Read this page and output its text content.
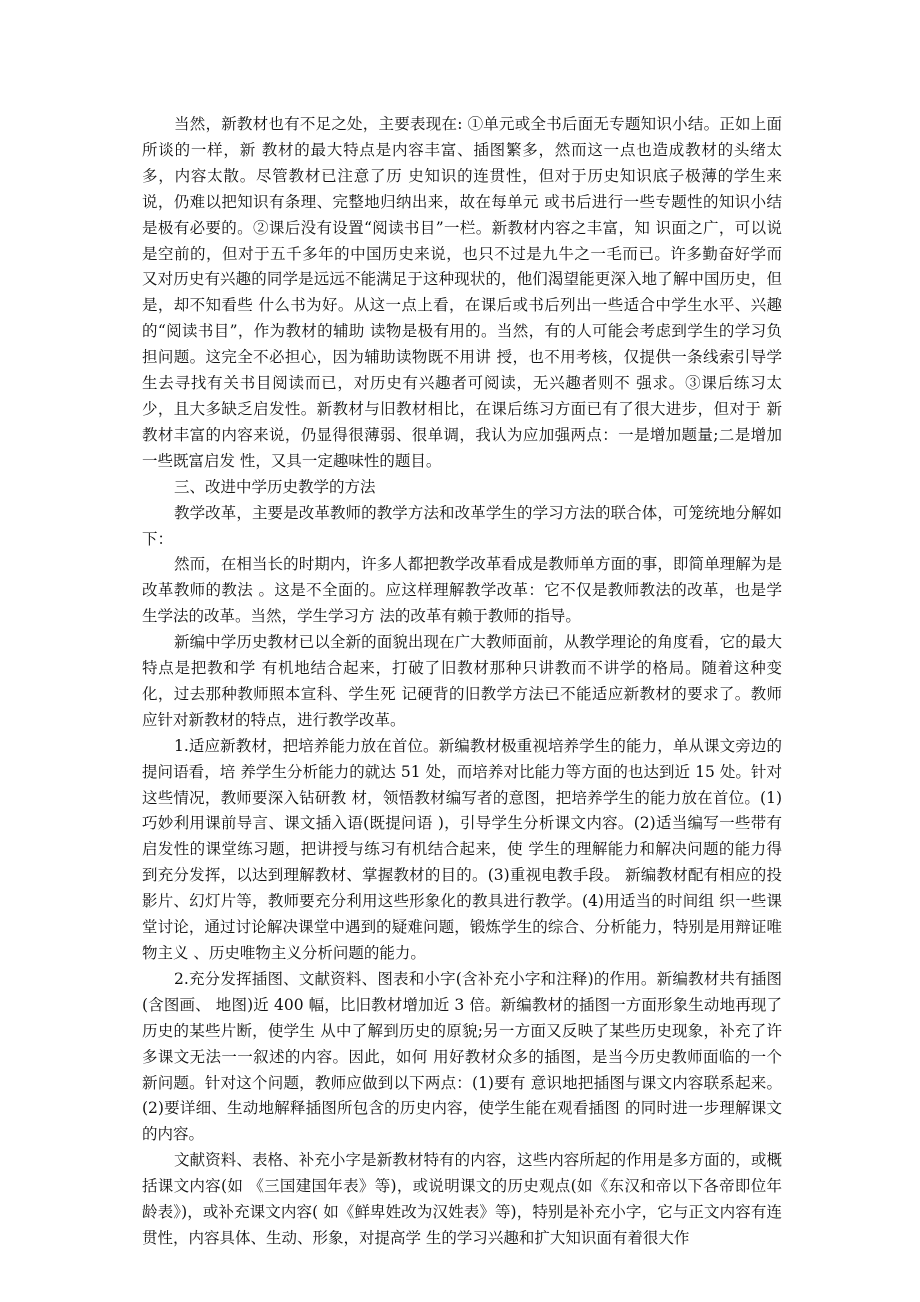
当然，新教材也有不足之处，主要表现在: ①单元或全书后面无专题知识小结。正如上面所谈的一样，新 教材的最大特点是内容丰富、插图繁多，然而这一点也造成教材的头绪太多，内容太散。尽管教材已注意了历 史知识的连贯性，但对于历史知识底子极薄的学生来说，仍难以把知识有条理、完整地归纳出来，故在每单元 或书后进行一些专题性的知识小结是极有必要的。②课后没有设置“阅读书目”一栏。新教材内容之丰富，知 识面之广，可以说是空前的，但对于五千多年的中国历史来说，也只不过是九牛之一毛而已。许多勤奋好学而 又对历史有兴趣的同学是远远不能满足于这种现状的，他们渴望能更深入地了解中国历史，但是，却不知看些 什么书为好。从这一点上看，在课后或书后列出一些适合中学生水平、兴趣的“阅读书目”，作为教材的辅助 读物是极有用的。当然，有的人可能会考虑到学生的学习负担问题。这完全不必担心，因为辅助读物既不用讲 授，也不用考核，仅提供一条线索引导学生去寻找有关书目阅读而已，对历史有兴趣者可阅读，无兴趣者则不 强求。③课后练习太少，且大多缺乏启发性。新教材与旧教材相比，在课后练习方面已有了很大进步，但对于 新教材丰富的内容来说，仍显得很薄弱、很单调，我认为应加强两点：一是增加题量;二是增加一些既富启发 性，又具一定趣味性的题目。

三、改进中学历史教学的方法

教学改革，主要是改革教师的教学方法和改革学生的学习方法的联合体，可笼统地分解如下：

然而，在相当长的时期内，许多人都把教学改革看成是教师单方面的事，即简单理解为是改革教师的教法 。这是不全面的。应这样理解教学改革：它不仅是教师教法的改革，也是学生学法的改革。当然，学生学习方 法的改革有赖于教师的指导。

新编中学历史教材已以全新的面貌出现在广大教师面前，从教学理论的角度看，它的最大特点是把教和学 有机地结合起来，打破了旧教材那种只讲教而不讲学的格局。随着这种变化，过去那种教师照本宣科、学生死 记硬背的旧教学方法已不能适应新教材的要求了。教师应针对新教材的特点，进行教学改革。

1.适应新教材，把培养能力放在首位。新编教材极重视培养学生的能力，单从课文旁边的提问语看，培 养学生分析能力的就达 51 处，而培养对比能力等方面的也达到近 15 处。针对这些情况，教师要深入钻研教 材，领悟教材编写者的意图，把培养学生的能力放在首位。(1)巧妙利用课前导言、课文插入语(既提问语 )，引导学生分析课文内容。(2)适当编写一些带有启发性的课堂练习题，把讲授与练习有机结合起来，使 学生的理解能力和解决问题的能力得到充分发挥，以达到理解教材、掌握教材的目的。(3)重视电教手段。 新编教材配有相应的投影片、幻灯片等，教师要充分利用这些形象化的教具进行教学。(4)用适当的时间组 织一些课堂讨论，通过讨论解决课堂中遇到的疑难问题，锻炼学生的综合、分析能力，特别是用辩证唯物主义 、历史唯物主义分析问题的能力。

2.充分发挥插图、文献资料、图表和小字(含补充小字和注释)的作用。新编教材共有插图(含图画、 地图)近 400 幅，比旧教材增加近 3 倍。新编教材的插图一方面形象生动地再现了历史的某些片断，使学生 从中了解到历史的原貌;另一方面又反映了某些历史现象，补充了许多课文无法一一叙述的内容。因此，如何 用好教材众多的插图，是当今历史教师面临的一个新问题。针对这个问题，教师应做到以下两点：(1)要有 意识地把插图与课文内容联系起来。(2)要详细、生动地解释插图所包含的历史内容，使学生能在观看插图 的同时进一步理解课文的内容。

文献资料、表格、补充小字是新教材特有的内容，这些内容所起的作用是多方面的，或概括课文内容(如 《三国建国年表》等)，或说明课文的历史观点(如《东汉和帝以下各帝即位年龄表》)，或补充课文内容( 如《鲜卑姓改为汉姓表》等)，特别是补充小字，它与正文内容有连贯性，内容具体、生动、形象，对提高学 生的学习兴趣和扩大知识面有着很大作
